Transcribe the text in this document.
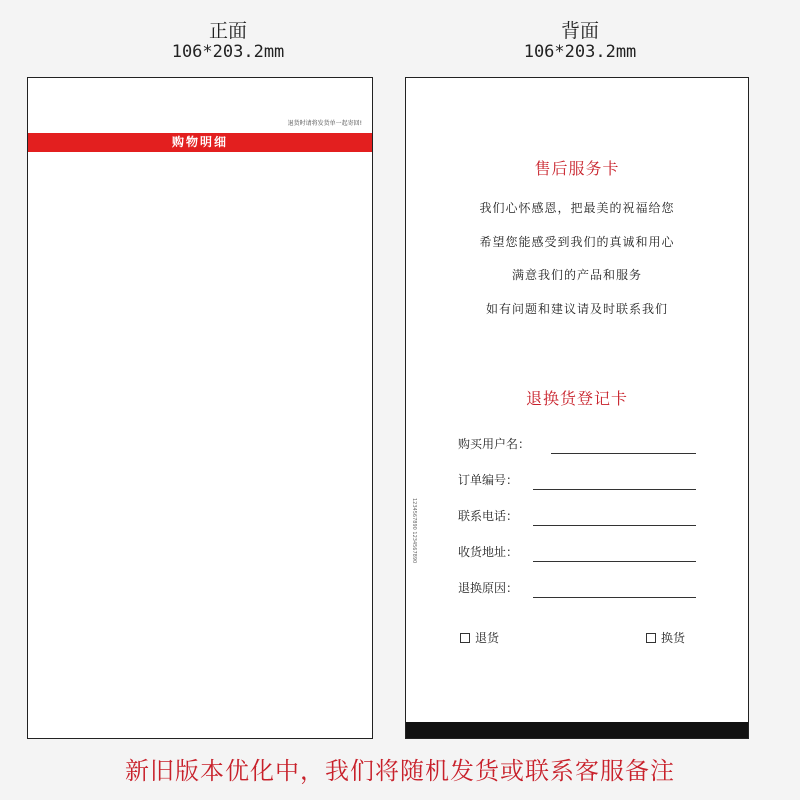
正面
106*203.2mm
背面
106*203.2mm
退货时请将发货单一起寄回!
购物明细
1234567890 1234567890
售后服务卡
我们心怀感恩，把最美的祝福给您
希望您能感受到我们的真诚和用心
满意我们的产品和服务
如有问题和建议请及时联系我们
退换货登记卡
购买用户名：
订单编号：
联系电话：
收货地址：
退换原因：
退货	换货
新旧版本优化中，我们将随机发货或联系客服备注
